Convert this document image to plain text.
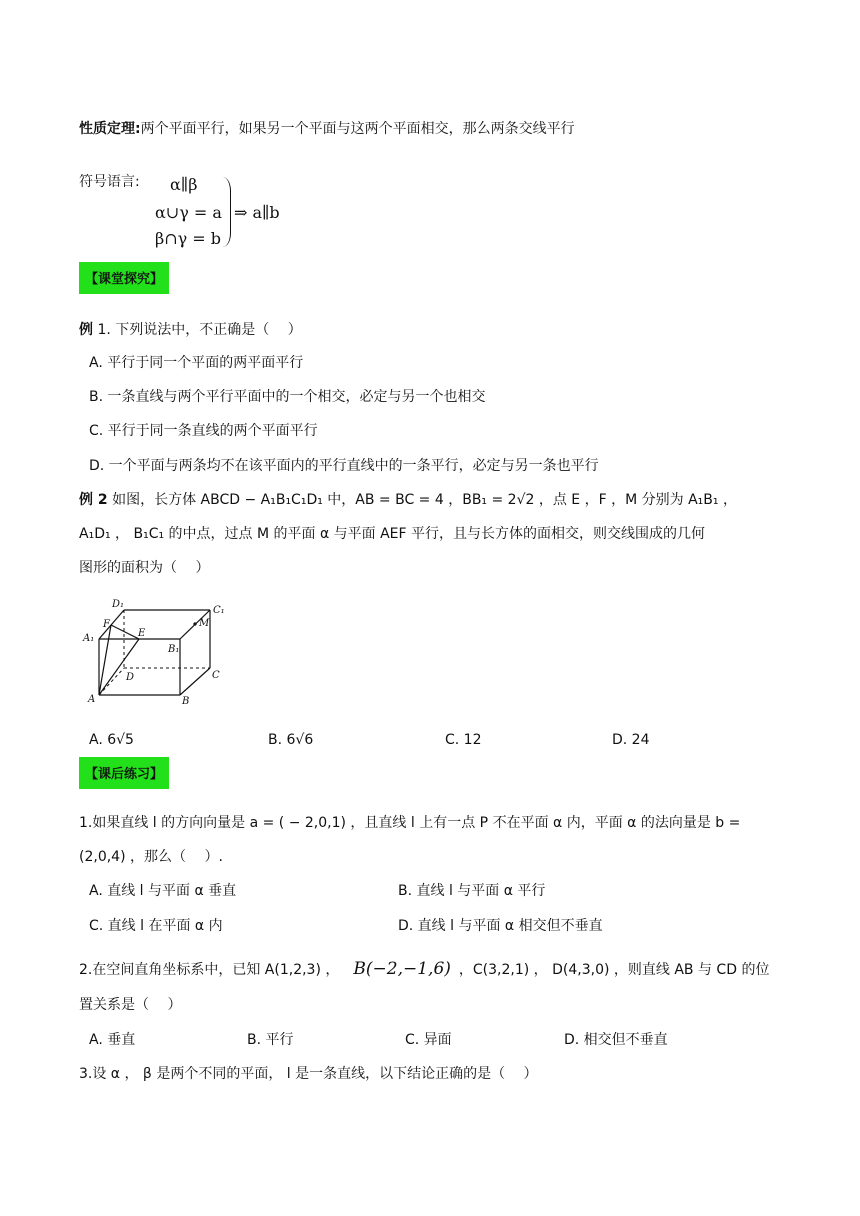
性质定理:两个平面平行，如果另一个平面与这两个平面相交，那么两条交线平行
符号语言: α∥β
α∪γ = a
β∩γ = b
⇒ a∥b
【课堂探究】
例 1. 下列说法中，不正确是（　 ）
A. 平行于同一个平面的两平面平行
B. 一条直线与两个平行平面中的一个相交，必定与另一个也相交
C. 平行于同一条直线的两个平面平行
D. 一个平面与两条均不在该平面内的平行直线中的一条平行，必定与另一条也平行
例 2 如图，长方体 ABCD − A₁B₁C₁D₁ 中，AB = BC = 4 ，BB₁ = 2√2 ，点 E ，F ，M 分别为 A₁B₁ ，
A₁D₁ ， B₁C₁ 的中点，过点 M 的平面 α 与平面 AEF 平行，且与长方体的面相交，则交线围成的几何
图形的面积为（　 ）
D₁
C₁
A₁
F
E
M
B₁
D	C
A	B
A. 6√5	B. 6√6	C. 12	D. 24
【课后练习】
1.如果直线 l 的方向向量是 a = ( − 2,0,1) ，且直线 l 上有一点 P 不在平面 α 内，平面 α 的法向量是 b =
(2,0,4) ，那么（　 ）.
A. 直线 l 与平面 α 垂直	B. 直线 l 与平面 α 平行
C. 直线 l 在平面 α 内	D. 直线 l 与平面 α 相交但不垂直
2.在空间直角坐标系中，已知 A(1,2,3) ， B(−2,−1,6) ，C(3,2,1) ， D(4,3,0) ，则直线 AB 与 CD 的位
置关系是（　 ）
A. 垂直	B. 平行	C. 异面	D. 相交但不垂直
3.设 α ， β 是两个不同的平面， l 是一条直线，以下结论正确的是（　 ）
